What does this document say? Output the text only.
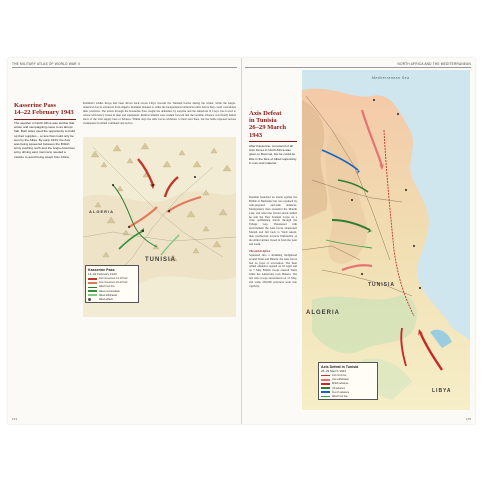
THE MILITARY ATLAS OF WORLD WAR II
Kasserine Pass
14–22 February 1943
The weather in North Africa was terrible that winter and campaigning came to an abrupt halt. Both sides used the opportunity to build up their supplies – a race that could only be won by the Allies. By early 1943, the Axis was being squeezed between the British Army pushing north and the Anglo-American army driving east; Germany needed a miracle to avoid being swept from Africa.
Rommel's Afrika Korps had been driven back across Libya towards the Tunisian border during the winter, while the Anglo-American forces advanced from Algeria. Rommel planned to strike the inexperienced American units before they could consolidate their positions. The attack through the Kasserine Pass caught the defenders by surprise and the American II Corps was forced to retreat with heavy losses in men and equipment. Reinforcements were rushed forward and the German advance was finally halted short of the vital supply base at Tebessa. Within days the Axis forces withdrew to their start lines, but the battle exposed serious weaknesses in Allied command and tactics.
TUNISIA
ALGERIA
Kasserine Pass
14–22 February 1943
Axis movement 14–18 Feb
Axis movement 19–22 Feb
Allied front line
Allied counterattack
Allied withdrawal
Allied airfield
174
NORTH AFRICA AND THE MEDITERRANEAN
Axis Defeat
in Tunisia
26–29 March
1943
After Kasserine, command of all Axis forces in North Africa was given to Rommel, but he could do little in the face of Allied superiority in men and materiel.
Rommel launched an attack against the British at Medenine but was repulsed by well-prepared anti-tank defences. Montgomery then assaulted the Mareth Line, and when the frontal attack stalled he sent the New Zealand Corps on a wide outflanking march through the Tebaga Gap. Threatened with encirclement the Axis forces abandoned Mareth and fell back to Wadi Akarit, then northwards towards Enfidaville as the Allied armies closed in from the west and south.
The end in Africa
Squeezed into a shrinking bridgehead around Tunis and Bizerta, the Axis forces had no hope of evacuation. The final Allied offensive opened on 22 April and on 7 May British troops entered Tunis while the Americans took Bizerta. The last Axis troops surrendered on 13 May, and some 250,000 prisoners went into captivity.
Mediterranean Sea
TUNISIA
ALGERIA
LIBYA
Axis Defeat in Tunisia
26–29 March 1943
Axis front line
Axis withdrawal
British advance
US advance
French advance
Allied front line
175
